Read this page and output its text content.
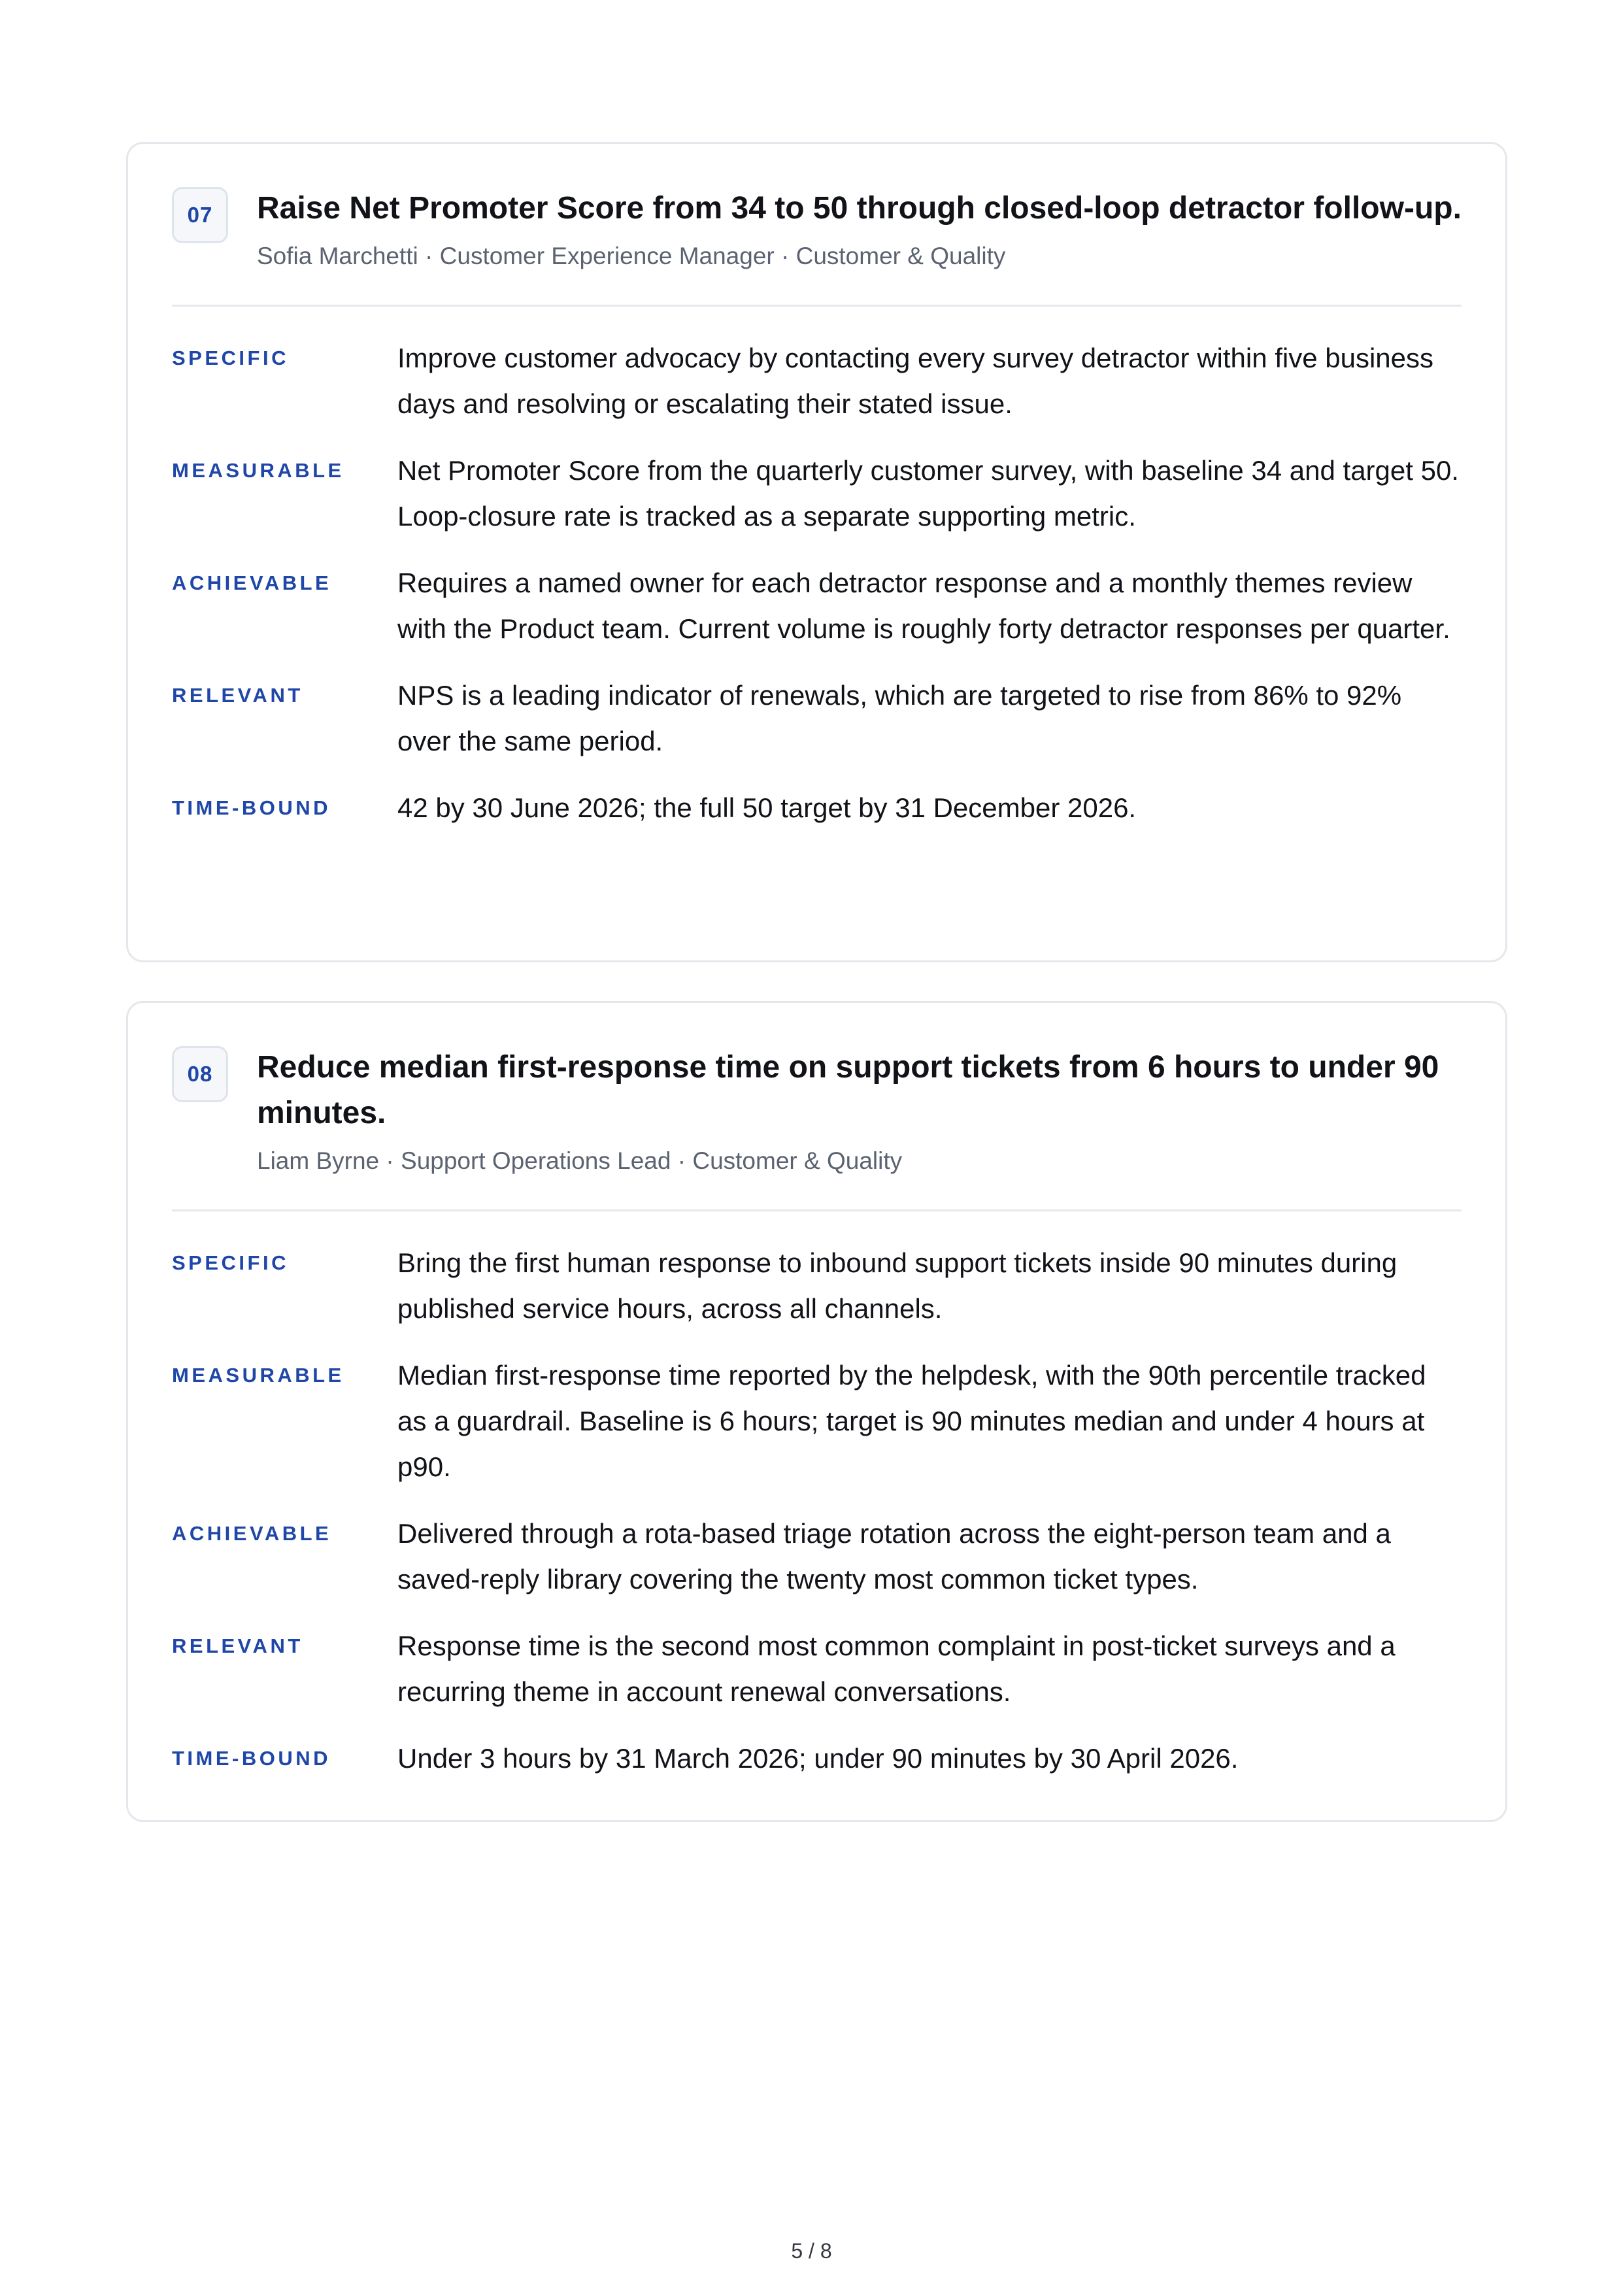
07	Raise Net Promoter Score from 34 to 50 through closed-loop detractor follow-up.
Sofia Marchetti · Customer Experience Manager · Customer & Quality
SPECIFIC	Improve customer advocacy by contacting every survey detractor within five business days and resolving or escalating their stated issue.
MEASURABLE	Net Promoter Score from the quarterly customer survey, with baseline 34 and target 50. Loop-closure rate is tracked as a separate supporting metric.
ACHIEVABLE	Requires a named owner for each detractor response and a monthly themes review with the Product team. Current volume is roughly forty detractor responses per quarter.
RELEVANT	NPS is a leading indicator of renewals, which are targeted to rise from 86% to 92% over the same period.
TIME-BOUND	42 by 30 June 2026; the full 50 target by 31 December 2026.
08	Reduce median first-response time on support tickets from 6 hours to under 90 minutes.
Liam Byrne · Support Operations Lead · Customer & Quality
SPECIFIC	Bring the first human response to inbound support tickets inside 90 minutes during published service hours, across all channels.
MEASURABLE	Median first-response time reported by the helpdesk, with the 90th percentile tracked as a guardrail. Baseline is 6 hours; target is 90 minutes median and under 4 hours at p90.
ACHIEVABLE	Delivered through a rota-based triage rotation across the eight-person team and a saved-reply library covering the twenty most common ticket types.
RELEVANT	Response time is the second most common complaint in post-ticket surveys and a recurring theme in account renewal conversations.
TIME-BOUND	Under 3 hours by 31 March 2026; under 90 minutes by 30 April 2026.
5 / 8
